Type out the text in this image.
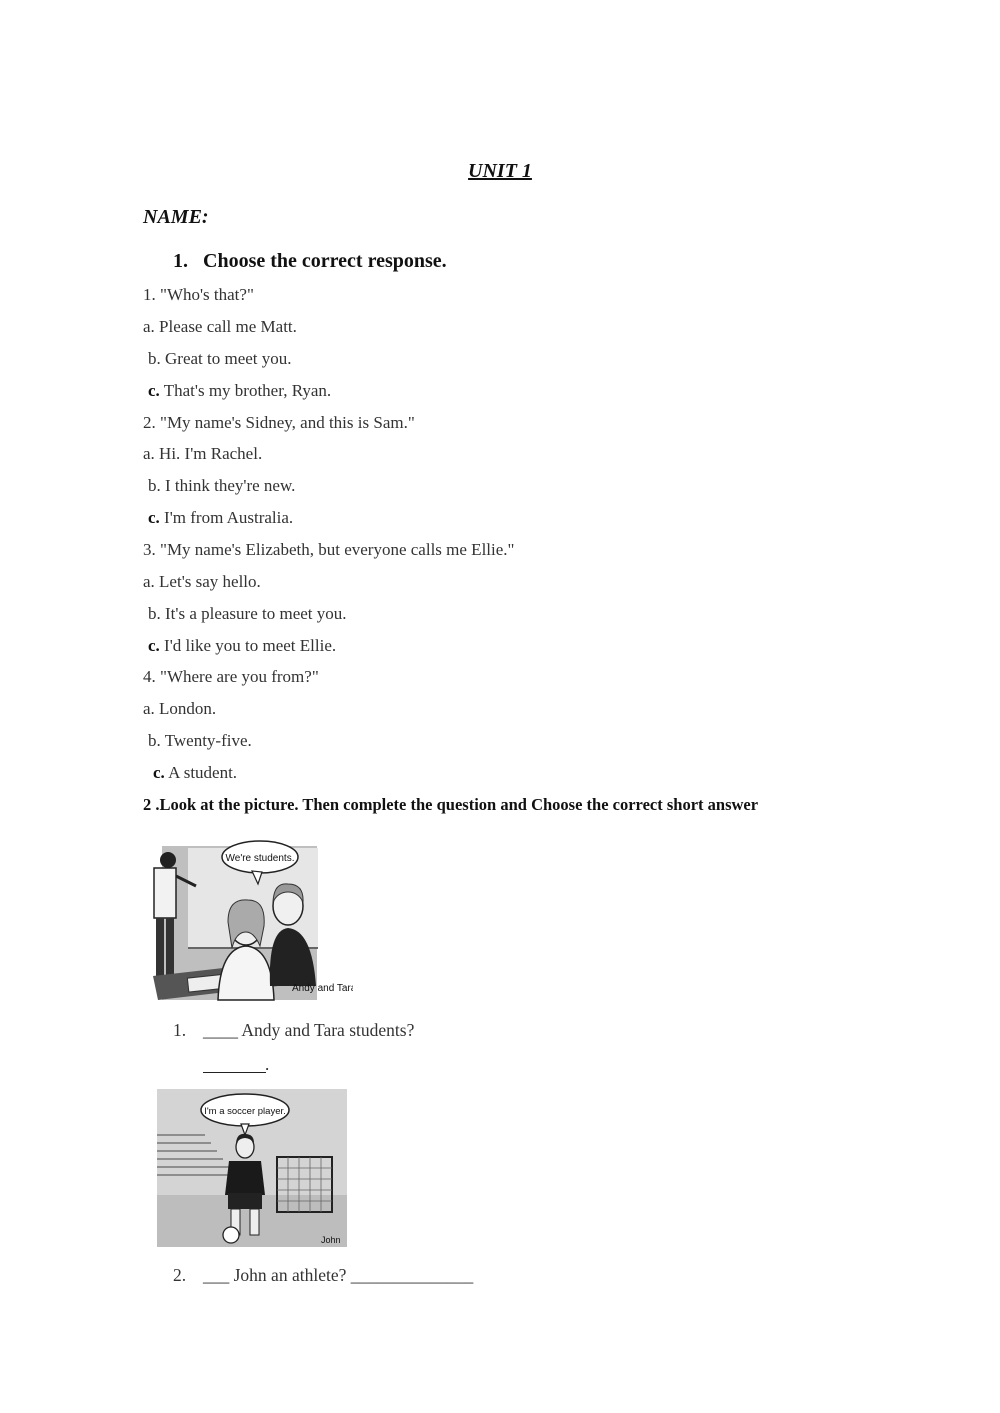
UNIT 1
NAME:
1. Choose the correct response.
1. "Who's that?"
a. Please call me Matt.
b. Great to meet you.
c. That's my brother, Ryan.
2. "My name's Sidney, and this is Sam."
a. Hi. I'm Rachel.
b. I think they're new.
c. I'm from Australia.
3. "My name's Elizabeth, but everyone calls me Ellie."
a. Let's say hello.
b. It's a pleasure to meet you.
c. I'd like you to meet Ellie.
4. "Where are you from?"
a. London.
b. Twenty-five.
c. A student.
2 .Look at the picture. Then complete the question and Choose the correct short answer
We're students.
Andy and Tara
1. ____ Andy and Tara students?
.
I'm a soccer player.
John
2. ___ John an athlete? ______________
